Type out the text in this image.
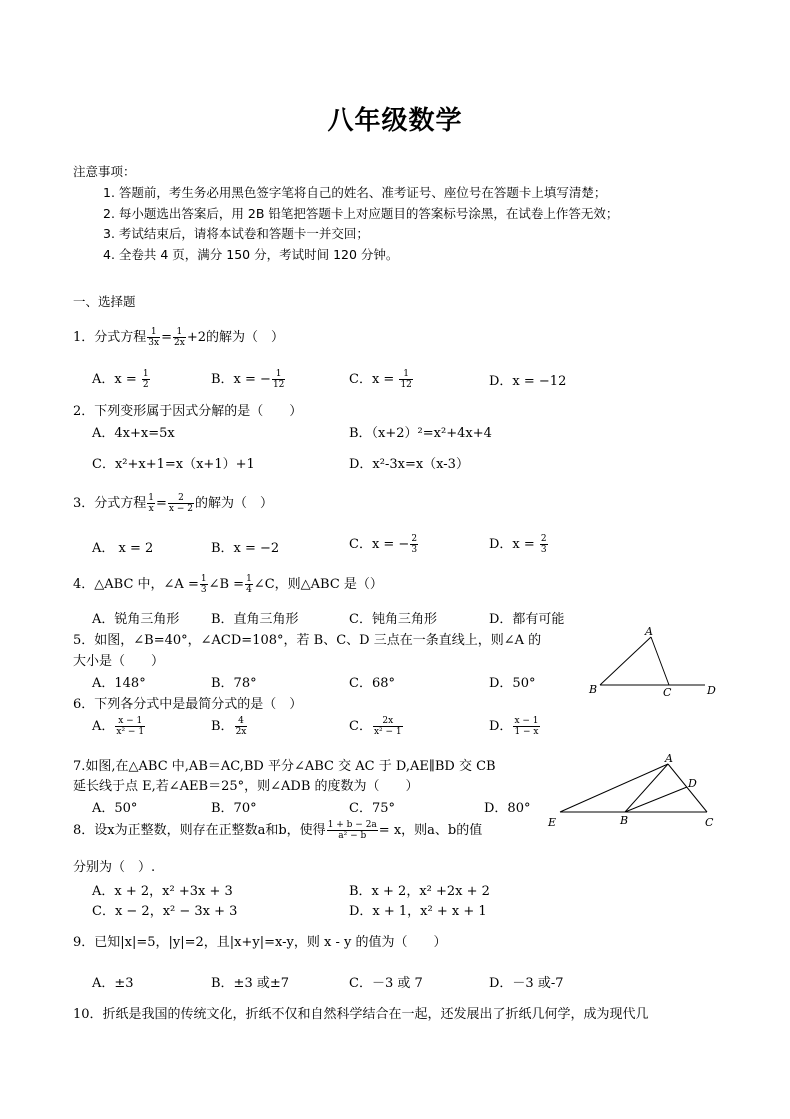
八年级数学
注意事项：
1. 答题前，考生务必用黑色签字笔将自己的姓名、准考证号、座位号在答题卡上填写清楚；
2. 每小题选出答案后，用 2B 铅笔把答题卡上对应题目的答案标号涂黑，在试卷上作答无效；
3. 考试结束后，请将本试卷和答题卡一并交回；
4. 全卷共 4 页，满分 150 分，考试时间 120 分钟。
一、选择题
1．分式方程 $\frac{1}{3x} = \frac{1}{2x} +2$的解为（　）
A．$x = \frac{1}{2}$	B．x = − $\frac{1}{12}$	C．$x = \frac{1}{12}$	D．x = −12
2．下列变形属于因式分解的是（　　）
A．4x+x=5x	B．（x+2）²=x²+4x+4
C．x²+x+1=x（x+1）+1	D．x²-3x=x（x-3）
3．分式方程 $\frac{1}{x} = \frac{2}{x - 2}$ 的解为（　）
A． x = 2	B．x = −2	C．x = − $\frac{2}{3}$	D．$x = \frac{2}{3}$
4．△ABC 中，∠A = $\frac{1}{3}$ ∠B = $\frac{1}{4}$ ∠C，则△ABC 是（）
A．锐角三角形 B．直角三角形	C．钝角三角形	D．都有可能
5．如图，∠B=40°，∠ACD=108°，若 B、C、D 三点在一条直线上，则∠A 的
大小是（　　）
A．148°	B．78°	C．68°	D．50°
A
B	C	D
6．下列各分式中是最简分式的是（　）
A． $\frac{x - 1}{\text{x² − 1}}$	B． $\frac{4}{2x}$	C． $\frac{2x}{\text{x² − 1}}$	D． $\frac{x - 1}{1 - x}$
7.如图,在△ABC 中,AB＝AC,BD 平分∠ABC 交 AC 于 D,AE∥BD 交 CB
延长线于点 E,若∠AEB＝25°，则∠ADB 的度数为（　　）
A．50°	B．70°	C．75°	D．80°
A
D
E	B	C
8．设x为正整数，则存在正整数a和b，使得 $\frac{1 + b - 2a}{\text{a² − b}} = x$，则a、b的值
分别为（　）.
A．x + 2，x² +3x + 3	B．x + 2，x² +2x + 2
C．x − 2，x² − 3x + 3	D．x + 1，x² + x + 1
9．已知|x|=5，|y|=2，且|x+y|=x-y，则 x - y 的值为（　　）
A．±3	B．±3 或±7	C．－3 或 7	D．－3 或-7
10．折纸是我国的传统文化，折纸不仅和自然科学结合在一起，还发展出了折纸几何学，成为现代几
